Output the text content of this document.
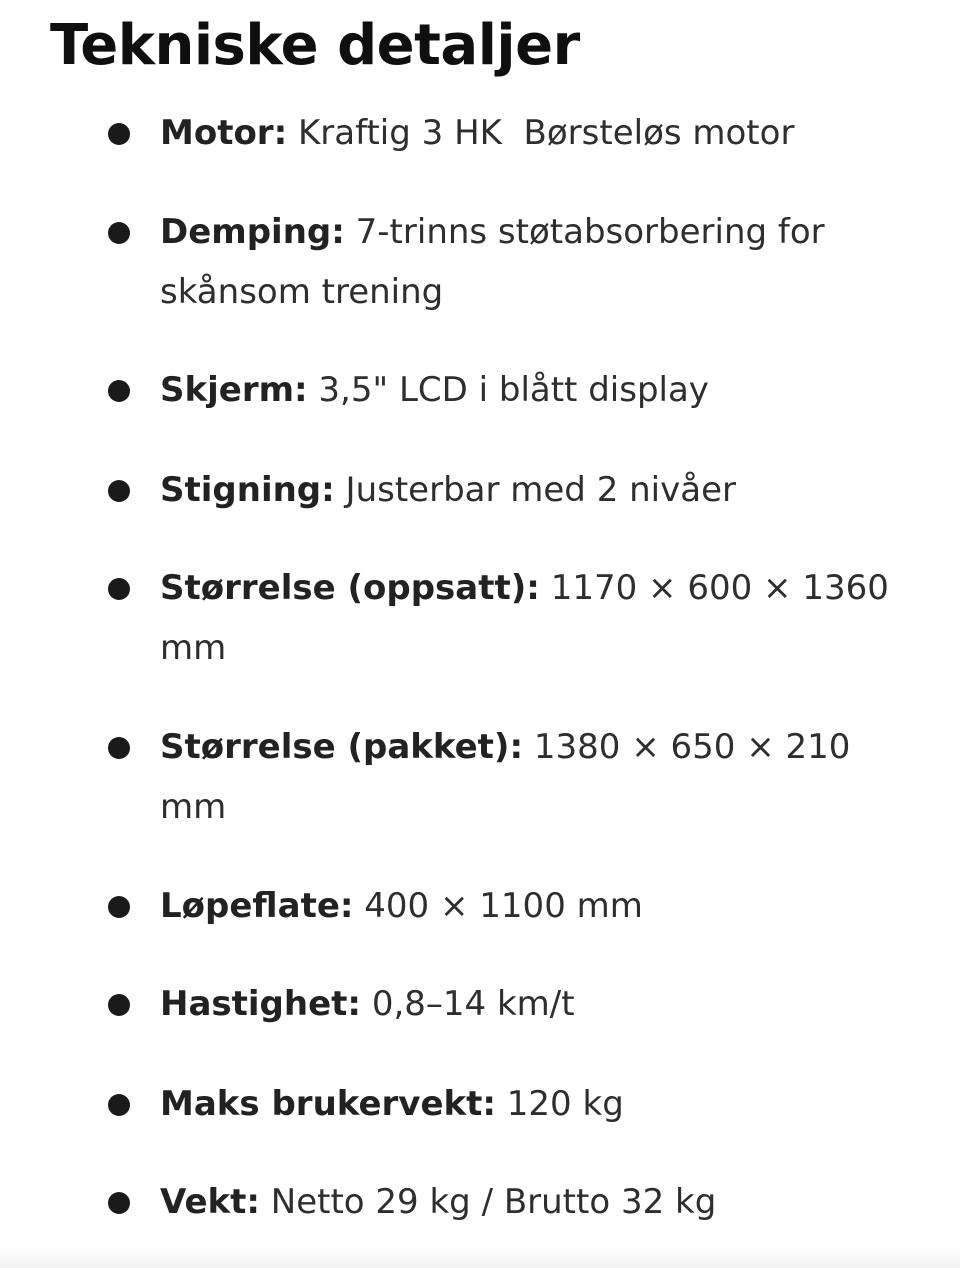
Tekniske detaljer
Motor: Kraftig 3 HK  Børsteløs motor
Demping: 7-trinns støtabsorbering for skånsom trening
Skjerm: 3,5" LCD i blått display
Stigning: Justerbar med 2 nivåer
Størrelse (oppsatt): 1170 × 600 × 1360 mm
Størrelse (pakket): 1380 × 650 × 210 mm
Løpeflate: 400 × 1100 mm
Hastighet: 0,8–14 km/t
Maks brukervekt: 120 kg
Vekt: Netto 29 kg / Brutto 32 kg
